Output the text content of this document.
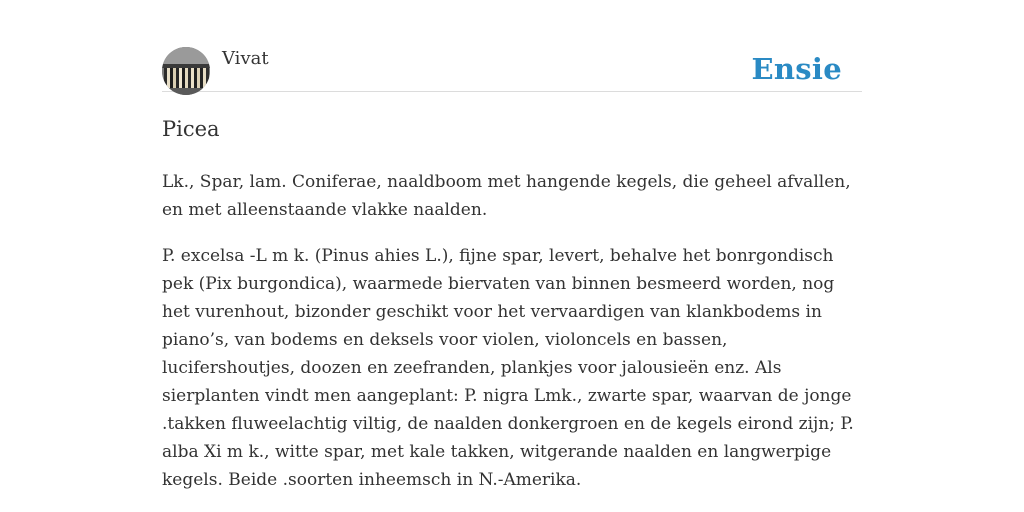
Vivat	Ensie
Picea

Lk., Spar, lam. Coniferae, naaldboom met hangende kegels, die geheel afvallen, en met alleenstaande vlakke naalden.

P. excelsa -L m k. (Pinus ahies L.), fijne spar, levert, behalve het bonrgondisch pek (Pix burgondica), waarmede biervaten van binnen besmeerd worden, nog het vurenhout, bizonder geschikt voor het vervaardigen van klankbodems in piano’s, van bodems en deksels voor violen, violoncels en bassen, lucifershoutjes, doozen en zeefranden, plankjes voor jalousieën enz. Als sierplanten vindt men aangeplant: P. nigra Lmk., zwarte spar, waarvan de jonge .takken fluweelachtig viltig, de naalden donkergroen en de kegels eirond zijn; P. alba Xi m k., witte spar, met kale takken, witgerande naalden en langwerpige kegels. Beide .soorten inheemsch in N.-Amerika.
